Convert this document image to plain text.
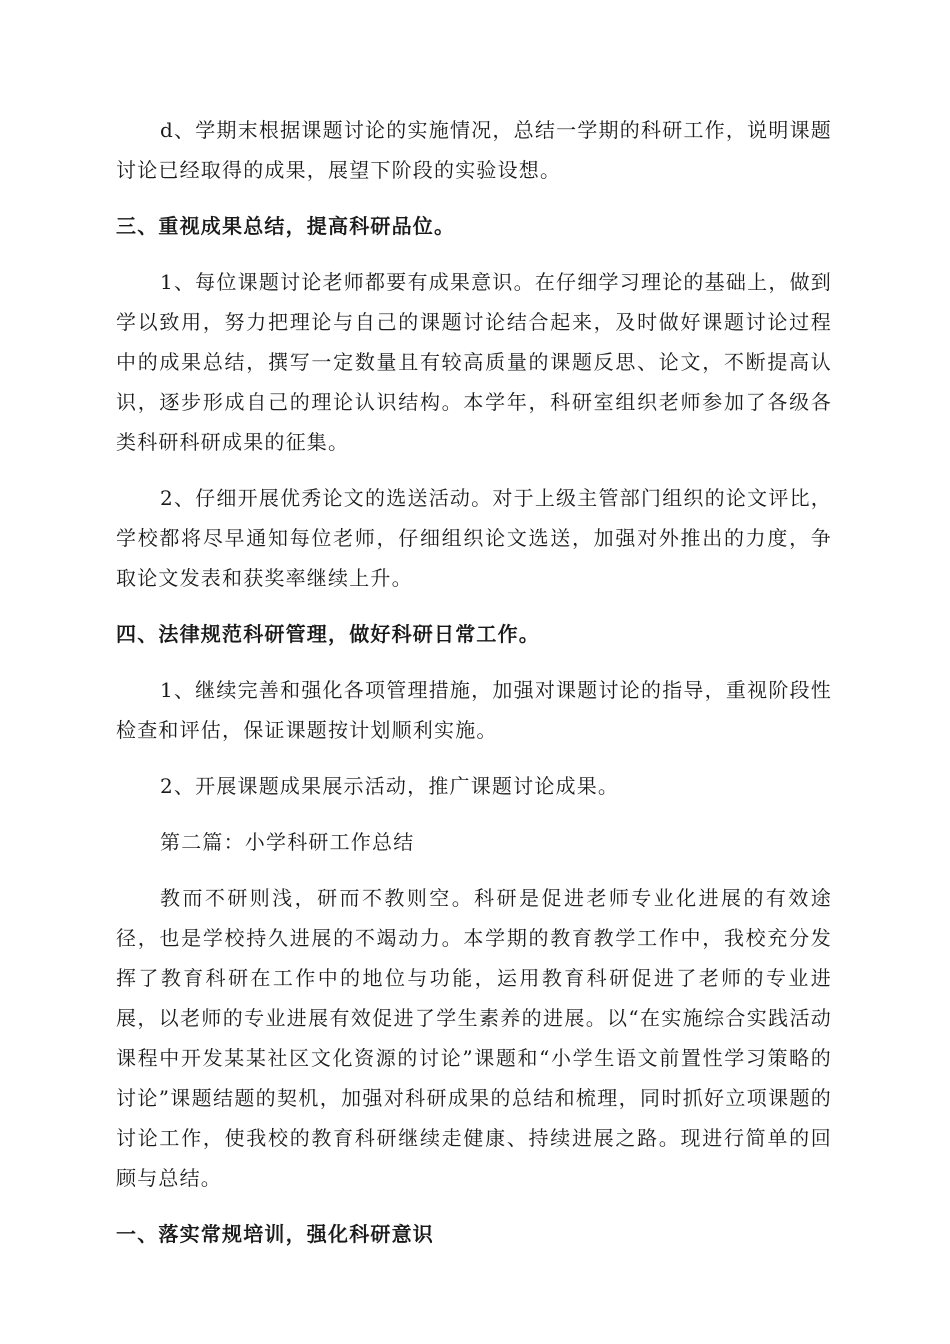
d、学期末根据课题讨论的实施情况，总结一学期的科研工作，说明课题讨论已经取得的成果，展望下阶段的实验设想。

三、重视成果总结，提高科研品位。

1、每位课题讨论老师都要有成果意识。在仔细学习理论的基础上，做到学以致用，努力把理论与自己的课题讨论结合起来，及时做好课题讨论过程中的成果总结，撰写一定数量且有较高质量的课题反思、论文，不断提高认识，逐步形成自己的理论认识结构。本学年，科研室组织老师参加了各级各类科研科研成果的征集。

2、仔细开展优秀论文的选送活动。对于上级主管部门组织的论文评比，学校都将尽早通知每位老师，仔细组织论文选送，加强对外推出的力度，争取论文发表和获奖率继续上升。

四、法律规范科研管理，做好科研日常工作。

1、继续完善和强化各项管理措施，加强对课题讨论的指导，重视阶段性检查和评估，保证课题按计划顺利实施。

2、开展课题成果展示活动，推广课题讨论成果。

第二篇：小学科研工作总结

教而不研则浅，研而不教则空。科研是促进老师专业化进展的有效途径，也是学校持久进展的不竭动力。本学期的教育教学工作中，我校充分发挥了教育科研在工作中的地位与功能，运用教育科研促进了老师的专业进展，以老师的专业进展有效促进了学生素养的进展。以“在实施综合实践活动课程中开发某某社区文化资源的讨论”课题和“小学生语文前置性学习策略的讨论”课题结题的契机，加强对科研成果的总结和梳理，同时抓好立项课题的讨论工作，使我校的教育科研继续走健康、持续进展之路。现进行简单的回顾与总结。

一、落实常规培训，强化科研意识
